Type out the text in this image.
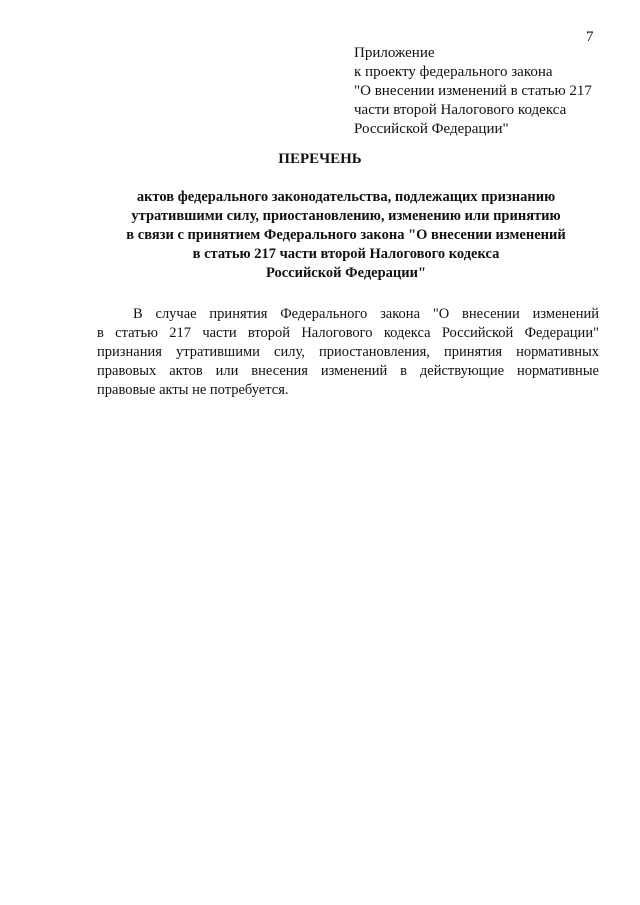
7
Приложение
к проекту федерального закона
"О внесении изменений в статью 217
части второй Налогового кодекса
Российской Федерации"
ПЕРЕЧЕНЬ
актов федерального законодательства, подлежащих признанию
утратившими силу, приостановлению, изменению или принятию
в связи с принятием Федерального закона "О внесении изменений
в статью 217 части второй Налогового кодекса
Российской Федерации"
В случае принятия Федерального закона "О внесении изменений
в статью 217 части второй Налогового кодекса Российской Федерации"
признания утратившими силу, приостановления, принятия нормативных
правовых актов или внесения изменений в действующие нормативные
правовые акты не потребуется.
